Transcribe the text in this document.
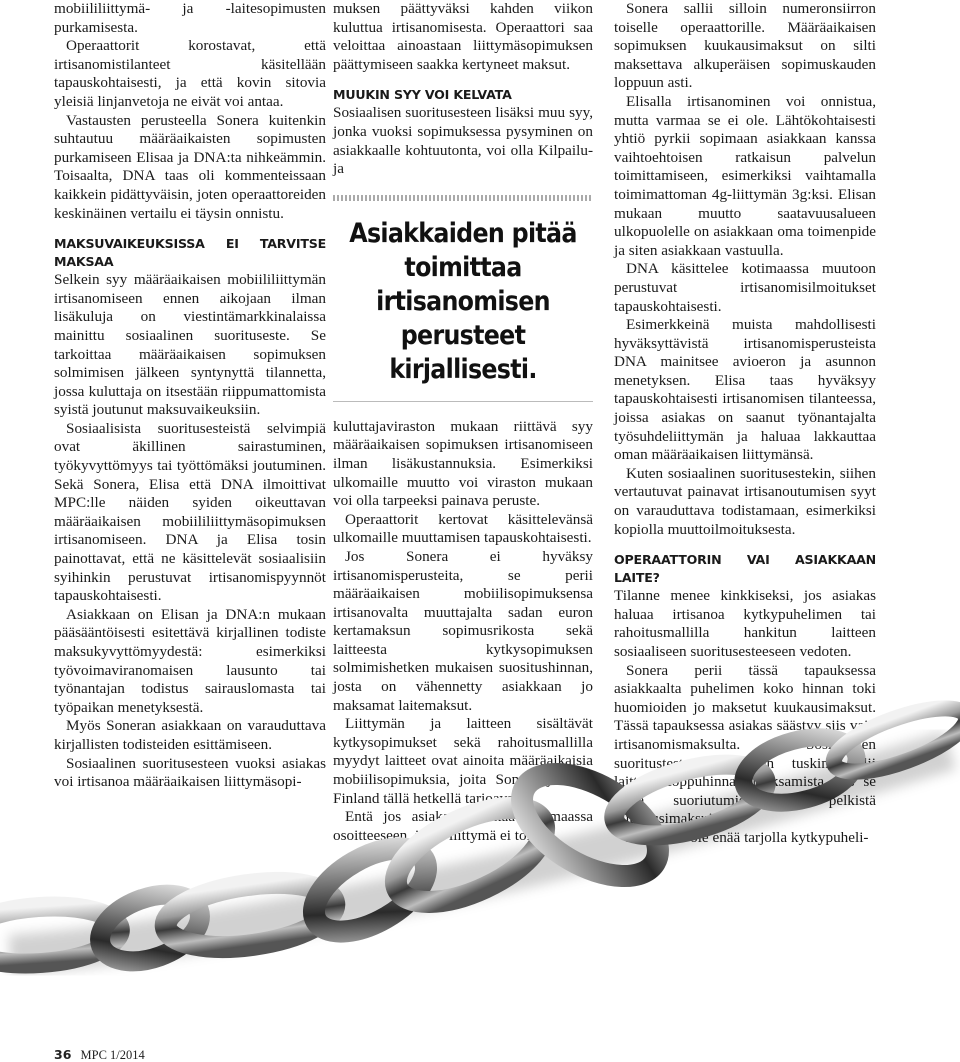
mobiililiittymä- ja -laitesopimusten purkamisesta.

Operaattorit korostavat, että irtisanomistilanteet käsitellään tapauskohtaisesti, ja että kovin sitovia yleisiä linjanvetoja ne eivät voi antaa.

Vastausten perusteella Sonera kuitenkin suhtautuu määräaikaisten sopimusten purkamiseen Elisaa ja DNA:ta nihkeämmin. Toisaalta, DNA taas oli kommenteissaan kaikkein pidättyväisin, joten operaattoreiden keskinäinen vertailu ei täysin onnistu.

MAKSUVAIKEUKSISSA EI TARVITSE MAKSAA

Selkein syy määräaikaisen mobiililiittymän irtisanomiseen ennen aikojaan ilman lisäkuluja on viestintämarkkinalaissa mainittu sosiaalinen suorituseste. Se tarkoittaa määräaikaisen sopimuksen solmimisen jälkeen syntynyttä tilannetta, jossa kuluttaja on itsestään riippumattomista syistä joutunut maksuvaikeuksiin.

Sosiaalisista suoritusesteistä selvimpiä ovat äkillinen sairastuminen, työkyvyttömyys tai työttömäksi joutuminen. Sekä Sonera, Elisa että DNA ilmoittivat MPC:lle näiden syiden oikeuttavan määräaikaisen mobiililiittymäsopimuksen irtisanomiseen. DNA ja Elisa tosin painottavat, että ne käsittelevät sosiaalisiin syihinkin perustuvat irtisanomispyynnöt tapauskohtaisesti.

Asiakkaan on Elisan ja DNA:n mukaan pääsääntöisesti esitettävä kirjallinen todiste maksukyvyttömyydestä: esimerkiksi työvoimaviranomaisen lausunto tai työnantajan todistus sairauslomasta tai työpaikan menetyksestä.

Myös Soneran asiakkaan on varauduttava kirjallisten todisteiden esittämiseen.

Sosiaalinen suoritusesteen vuoksi asiakas voi irtisanoa määräaikaisen liittymäsopi-

muksen päättyväksi kahden viikon kuluttua irtisanomisesta. Operaattori saa veloittaa ainoastaan liittymäsopimuksen päättymiseen saakka kertyneet maksut.

MUUKIN SYY VOI KELVATA

Sosiaalisen suoritusesteen lisäksi muu syy, jonka vuoksi sopimuksessa pysyminen on asiakkaalle kohtuutonta, voi olla Kilpailu- ja

Asiakkaiden pitää toimittaa irtisanomisen perusteet kirjallisesti.

kuluttajaviraston mukaan riittävä syy määräaikaisen sopimuksen irtisanomiseen ilman lisäkustannuksia. Esimerkiksi ulkomaille muutto voi viraston mukaan voi olla tarpeeksi painava peruste.

Operaattorit kertovat käsittelevänsä ulkomaille muuttamisen tapauskohtaisesti.

Jos Sonera ei hyväksy irtisanomisperusteita, se perii määräaikaisen mobiilisopimuksensa irtisanovalta muuttajalta sadan euron kertamaksun sopimusrikosta sekä laitteesta kytkysopimuksen solmimishetken mukaisen suositushinnan, josta on vähennetty asiakkaan jo maksamat laitemaksut.

Liittymän ja laitteen sisältävät kytkysopimukset sekä rahoitusmallilla myydyt laitteet ovat ainoita määräaikaisia mobiilisopimuksia, joita Sonera ja Tele Finland tällä hetkellä tarjoavat.

Entä jos asiakas muuttaa kotimaassa osoitteeseen, jossa liittymä ei toimi?

Sonera sallii silloin numeronsiirron toiselle operaattorille. Määräaikaisen sopimuksen kuukausimaksut on silti maksettava alkuperäisen sopimuskauden loppuun asti.

Elisalla irtisanominen voi onnistua, mutta varmaa se ei ole. Lähtökohtaisesti yhtiö pyrkii sopimaan asiakkaan kanssa vaihtoehtoisen ratkaisun palvelun toimittamiseen, esimerkiksi vaihtamalla toimimattoman 4g-liittymän 3g:ksi. Elisan mukaan muutto saatavuusalueen ulkopuolelle on asiakkaan oma toimenpide ja siten asiakkaan vastuulla.

DNA käsittelee kotimaassa muutoon perustuvat irtisanomisilmoitukset tapauskohtaisesti.

Esimerkkeinä muista mahdollisesti hyväksyttävistä irtisanomisperusteista DNA mainitsee avioeron ja asunnon menetyksen. Elisa taas hyväksyy tapauskohtaisesti irtisanomisen tilanteessa, joissa asiakas on saanut työnantajalta työsuhdeliittymän ja haluaa lakkauttaa oman määräaikaisen liittymänsä.

Kuten sosiaalinen suoritusestekin, siihen vertautuvat painavat irtisanoutumisen syyt on varauduttava todistamaan, esimerkiksi kopiolla muuttoilmoituksesta.

OPERAATTORIN VAI ASIAKKAAN LAITE?

Tilanne menee kinkkiseksi, jos asiakas haluaa irtisanoa kytkypuhelimen tai rahoitusmallilla hankitun laitteen sosiaaliseen suoritusesteeseen vedoten.

Sonera perii tässä tapauksessa asiakkaalta puhelimen koko hinnan toki huomioiden jo maksetut kuukausimaksut. Tässä tapauksessa asiakas säästyy siis vain irtisanomismaksulta. Sosiaalinen suoritusteste kuitenkaan tuskin sallii laitteen loppuhinnan maksamista, jos se estää suoriutumisen jo pelkistä kuukausimaksuista.

Elisalla ei ole enää tarjolla kytkypuheli-

36 MPC 1/2014
